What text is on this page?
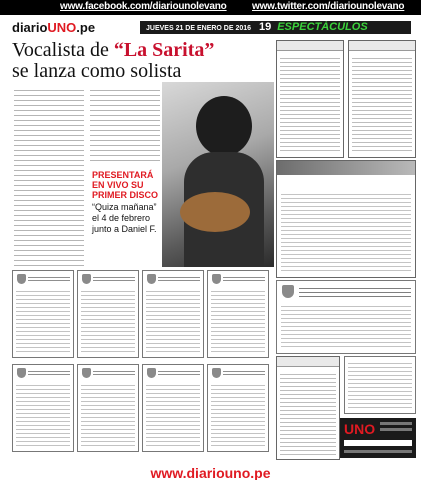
www.facebook.com/diariounolevano	www.twitter.com/diariounolevano
diarioUNO.pe	JUEVES 21 DE ENERO DE 2016 19 ESPECTÁCULOS
Vocalista de “La Sarita”
se lanza como solista
PRESENTARÁ EN VIVO SU PRIMER DISCO
“Quiza mañana” el 4 de febrero junto a Daniel F.
UNO
www.diariouno.pe
